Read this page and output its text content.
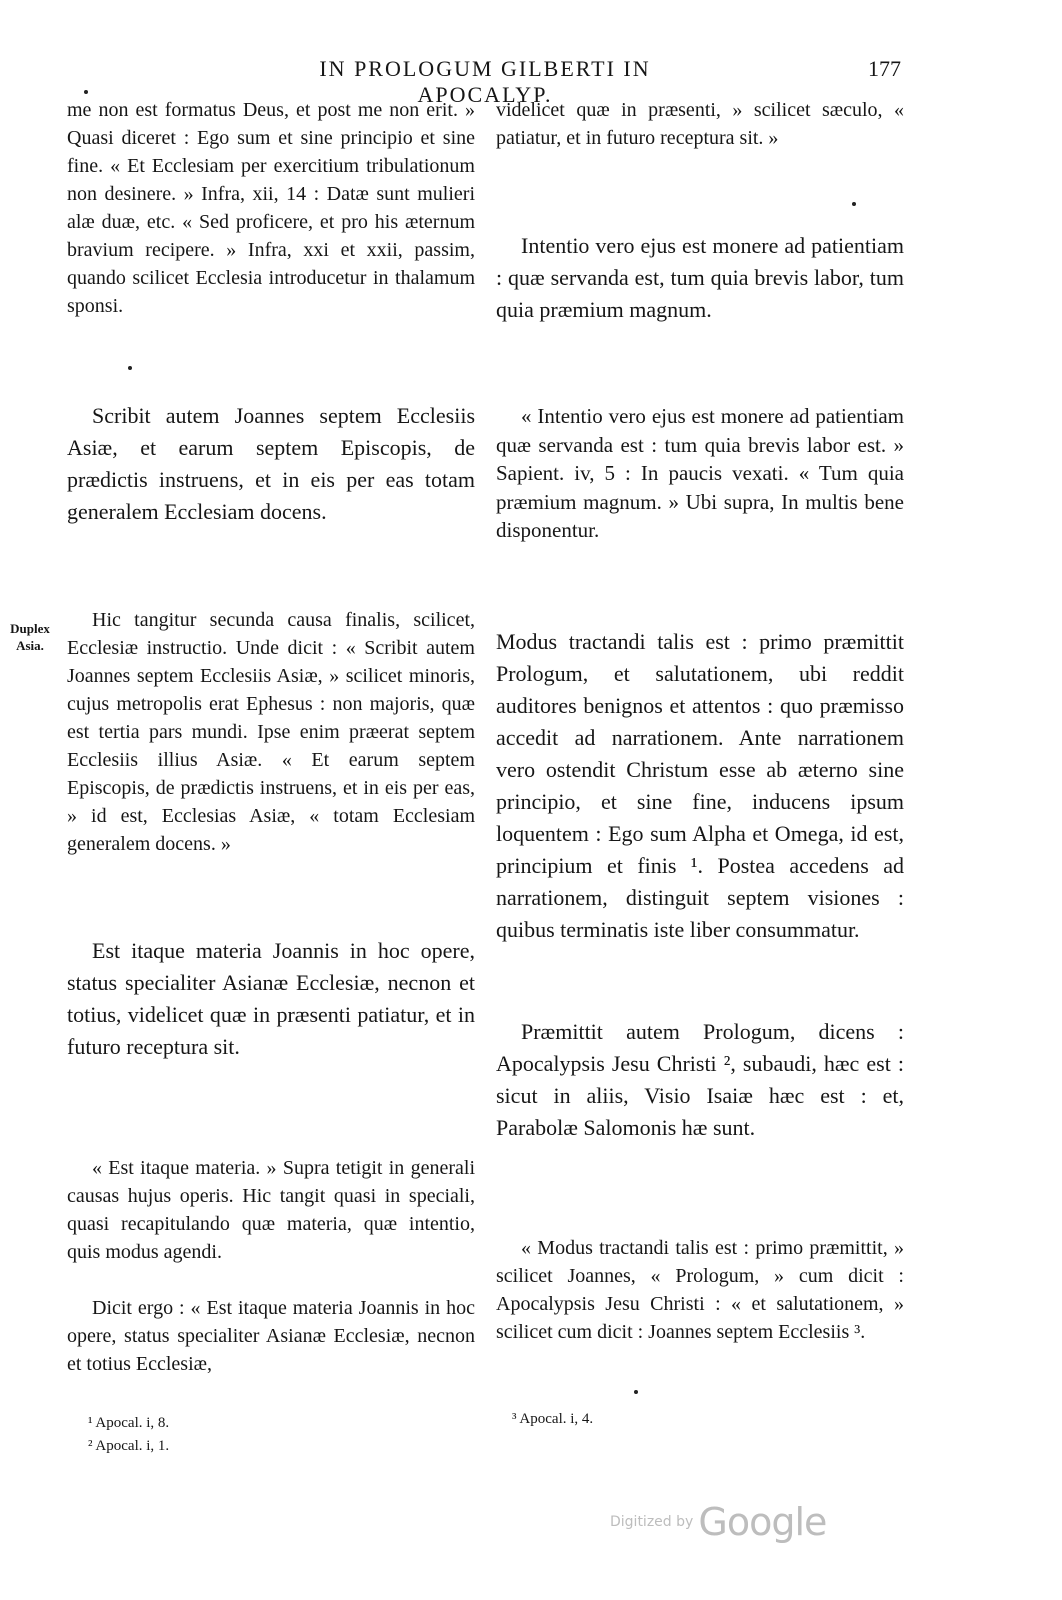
IN PROLOGUM GILBERTI IN APOCALYP.
177
Duplex Asia.

me non est formatus Deus, et post me non erit. » Quasi diceret : Ego sum et sine principio et sine fine. « Et Ecclesiam per exercitium tribulationum non desinere. » Infra, xii, 14 : Datæ sunt mulieri alæ duæ, etc. « Sed proficere, et pro his æternum bravium recipere. » Infra, xxi et xxii, passim, quando scilicet Ecclesia introducetur in thalamum sponsi.

Scribit autem Joannes septem Ecclesiis Asiæ, et earum septem Episcopis, de prædictis instruens, et in eis per eas totam generalem Ecclesiam docens.

Hic tangitur secunda causa finalis, scilicet, Ecclesiæ instructio. Unde dicit : « Scribit autem Joannes septem Ecclesiis Asiæ, » scilicet minoris, cujus metropolis erat Ephesus : non majoris, quæ est tertia pars mundi. Ipse enim præerat septem Ecclesiis illius Asiæ. « Et earum septem Episcopis, de prædictis instruens, et in eis per eas, » id est, Ecclesias Asiæ, « totam Ecclesiam generalem docens. »

Est itaque materia Joannis in hoc opere, status specialiter Asianæ Ecclesiæ, necnon et totius, videlicet quæ in præsenti patiatur, et in futuro receptura sit.

« Est itaque materia. » Supra tetigit in generali causas hujus operis. Hic tangit quasi in speciali, quasi recapitulando quæ materia, quæ intentio, quis modus agendi.

Dicit ergo : « Est itaque materia Joannis in hoc opere, status specialiter Asianæ Ecclesiæ, necnon et totius Ecclesiæ,

¹ Apocal. i, 8.
² Apocal. i, 1.

videlicet quæ in præsenti, » scilicet sæculo, « patiatur, et in futuro receptura sit. »

Intentio vero ejus est monere ad patientiam : quæ servanda est, tum quia brevis labor, tum quia præmium magnum.

« Intentio vero ejus est monere ad patientiam quæ servanda est : tum quia brevis labor est. » Sapient. iv, 5 : In paucis vexati. « Tum quia præmium magnum. » Ubi supra, In multis bene disponentur.

Modus tractandi talis est : primo præmittit Prologum, et salutationem, ubi reddit auditores benignos et attentos : quo præmisso accedit ad narrationem. Ante narrationem vero ostendit Christum esse ab æterno sine principio, et sine fine, inducens ipsum loquentem : Ego sum Alpha et Omega, id est, principium et finis ¹. Postea accedens ad narrationem, distinguit septem visiones : quibus terminatis iste liber consummatur.

Præmittit autem Prologum, dicens : Apocalypsis Jesu Christi ², subaudi, hæc est : sicut in aliis, Visio Isaiæ hæc est : et, Parabolæ Salomonis hæ sunt.

« Modus tractandi talis est : primo præmittit, » scilicet Joannes, « Prologum, » cum dicit : Apocalypsis Jesu Christi : « et salutationem, » scilicet cum dicit : Joannes septem Ecclesiis ³.

³ Apocal. i, 4.
Digitized by Google
